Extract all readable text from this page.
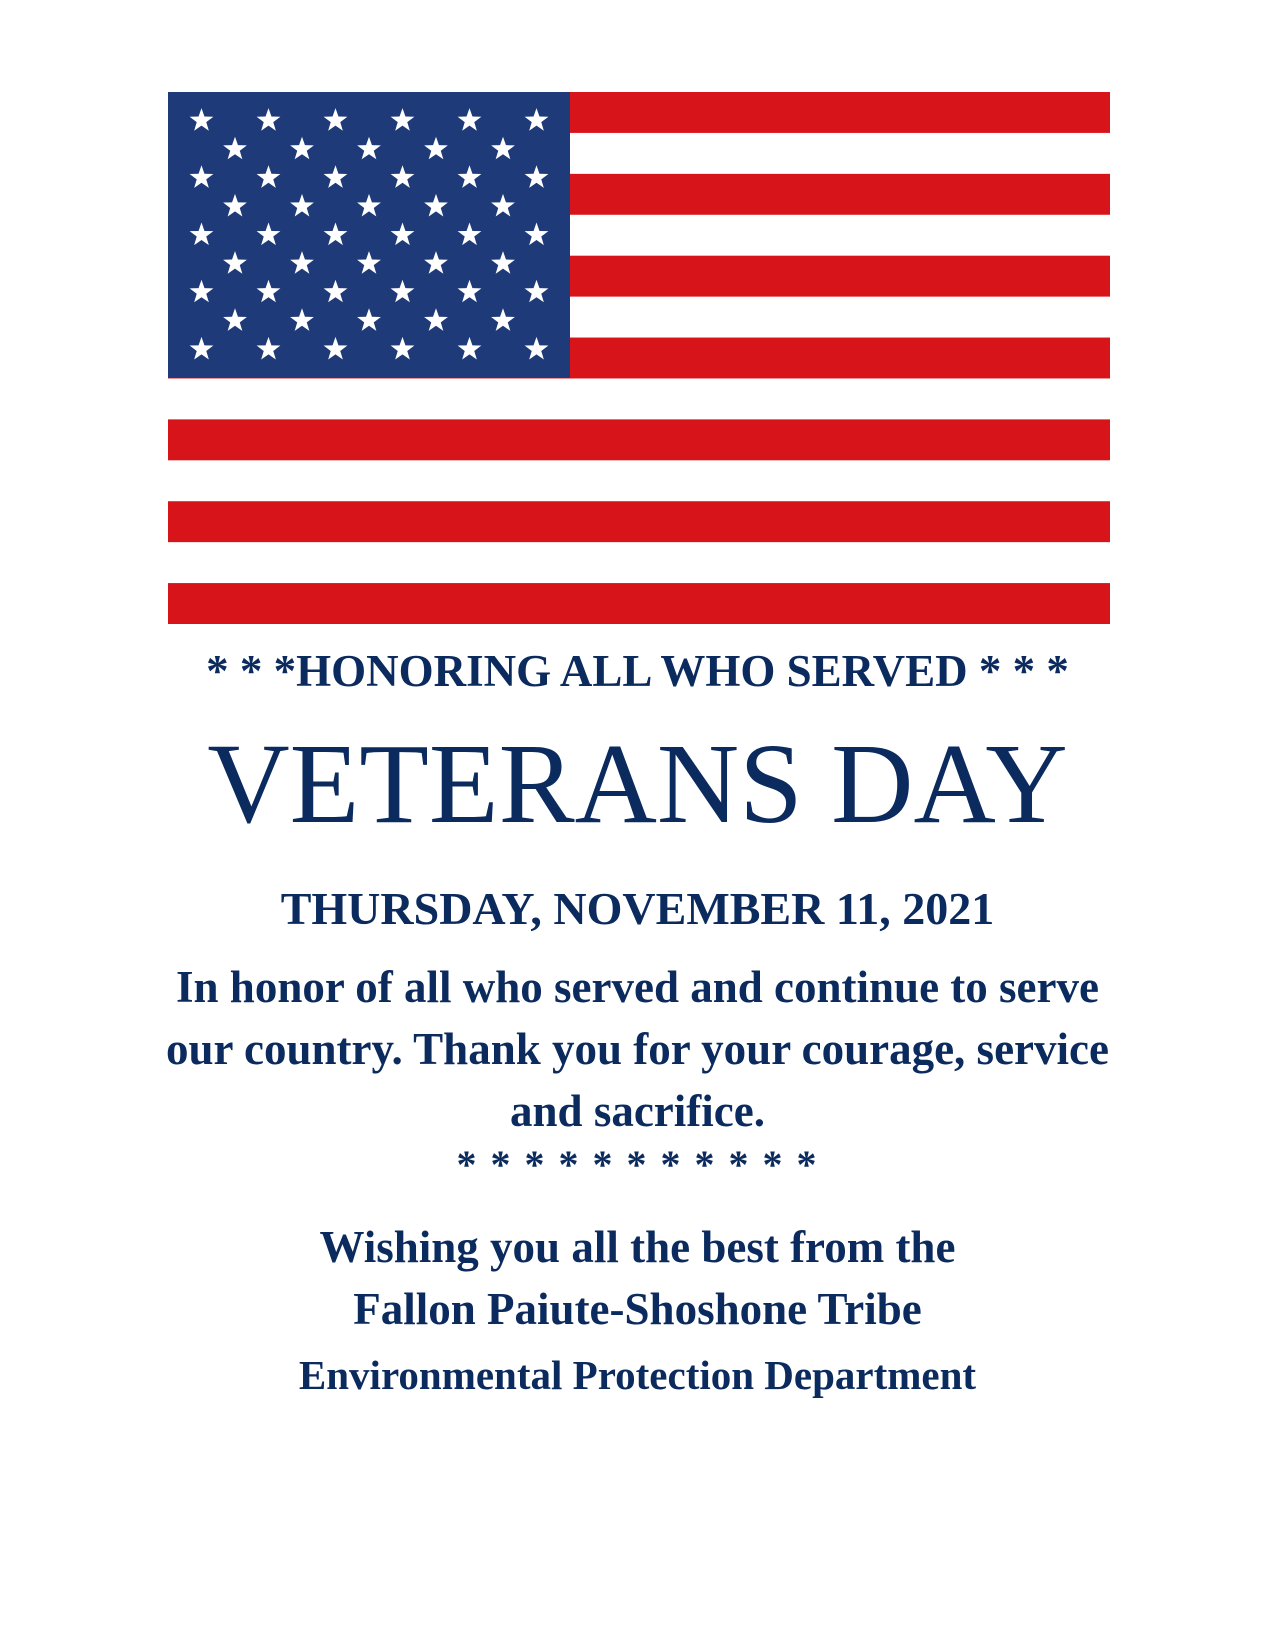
* * *HONORING ALL WHO SERVED * * *
VETERANS DAY
THURSDAY, NOVEMBER 11, 2021
In honor of all who served and continue to serve
our country. Thank you for your courage, service
and sacrifice.
* * * * * * * * * * *
Wishing you all the best from the
Fallon Paiute-Shoshone Tribe
Environmental Protection Department
